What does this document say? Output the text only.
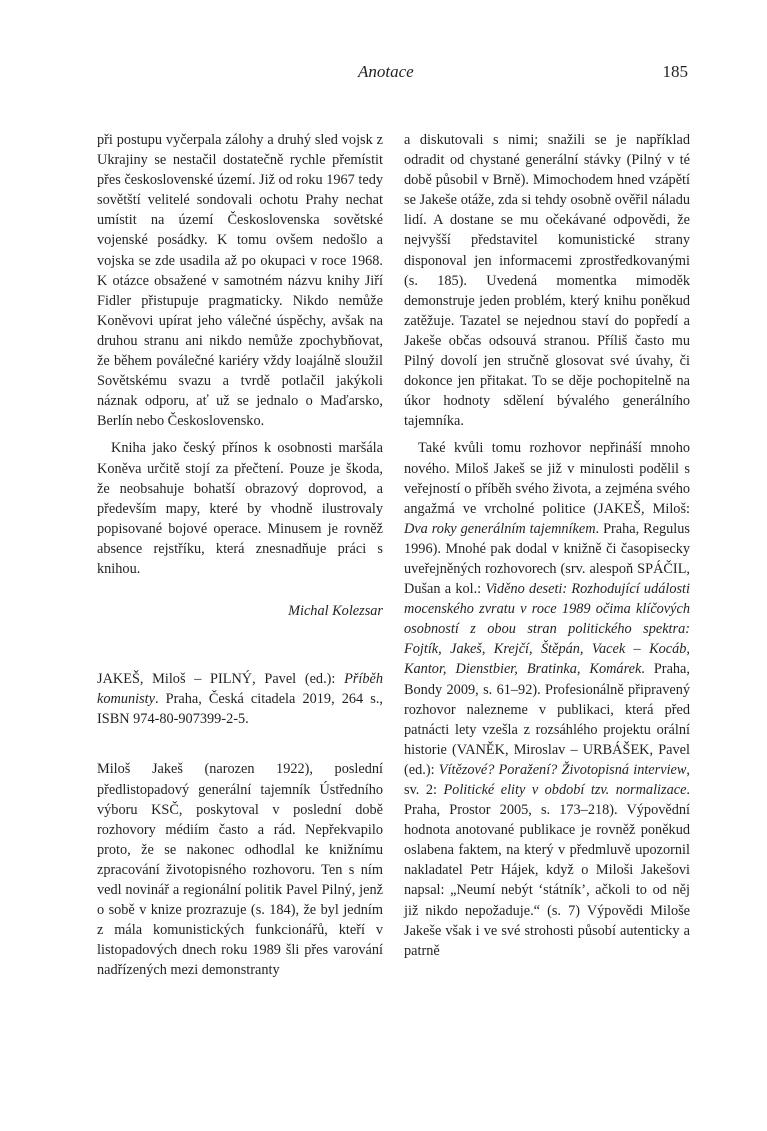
Anotace	185

při postupu vyčerpala zálohy a druhý sled vojsk z Ukrajiny se nestačil dostatečně rychle přemístit přes československé území. Již od roku 1967 tedy sovětští velitelé sondovali ochotu Prahy nechat umístit na území Československa sovětské vojenské posádky. K tomu ovšem nedošlo a vojska se zde usadila až po okupaci v roce 1968. K otázce obsažené v samotném názvu knihy Jiří Fidler přistupuje pragmaticky. Nikdo nemůže Koněvovi upírat jeho válečné úspěchy, avšak na druhou stranu ani nikdo nemůže zpochybňovat, že během poválečné kariéry vždy loajálně sloužil Sovětskému svazu a tvrdě potlačil jakýkoli náznak odporu, ať už se jednalo o Maďarsko, Berlín nebo Československo.

Kniha jako český přínos k osobnosti maršála Koněva určitě stojí za přečtení. Pouze je škoda, že neobsahuje bohatší obrazový doprovod, a především mapy, které by vhodně ilustrovaly popisované bojové operace. Minusem je rovněž absence rejstříku, která znesnadňuje práci s knihou.

Michal Kolezsar

JAKEŠ, Miloš – PILNÝ, Pavel (ed.): Příběh komunisty. Praha, Česká citadela 2019, 264 s., ISBN 974-80-907399-2-5.

Miloš Jakeš (narozen 1922), poslední předlistopadový generální tajemník Ústředního výboru KSČ, poskytoval v poslední době rozhovory médiím často a rád. Nepřekvapilo proto, že se nakonec odhodlal ke knižnímu zpracování životopisného rozhovoru. Ten s ním vedl novinář a regionální politik Pavel Pilný, jenž o sobě v knize prozrazuje (s. 184), že byl jedním z mála komunistických funkcionářů, kteří v listopadových dnech roku 1989 šli přes varování nadřízených mezi demonstranty

a diskutovali s nimi; snažili se je například odradit od chystané generální stávky (Pilný v té době působil v Brně). Mimochodem hned vzápětí se Jakeše otáže, zda si tehdy osobně ověřil náladu lidí. A dostane se mu očekávané odpovědi, že nejvyšší představitel komunistické strany disponoval jen informacemi zprostředkovanými (s. 185). Uvedená momentka mimoděk demonstruje jeden problém, který knihu poněkud zatěžuje. Tazatel se nejednou staví do popředí a Jakeše občas odsouvá stranou. Příliš často mu Pilný dovolí jen stručně glosovat své úvahy, či dokonce jen přitakat. To se děje pochopitelně na úkor hodnoty sdělení bývalého generálního tajemníka.

Také kvůli tomu rozhovor nepřináší mnoho nového. Miloš Jakeš se již v minulosti podělil s veřejností o příběh svého života, a zejména svého angažmá ve vrcholné politice (JAKEŠ, Miloš: Dva roky generálním tajemníkem. Praha, Regulus 1996). Mnohé pak dodal v knižně či časopisecky uveřejněných rozhovorech (srv. alespoň SPÁČIL, Dušan a kol.: Viděno deseti: Rozhodující události mocenského zvratu v roce 1989 očima klíčových osobností z obou stran politického spektra: Fojtík, Jakeš, Krejčí, Štěpán, Vacek – Kocáb, Kantor, Dienstbier, Bratinka, Komárek. Praha, Bondy 2009, s. 61–92). Profesionálně připravený rozhovor nalezneme v publikaci, která před patnácti lety vzešla z rozsáhlého projektu orální historie (VANĚK, Miroslav – URBÁŠEK, Pavel (ed.): Vítězové? Poražení? Životopisná interview, sv. 2: Politické elity v období tzv. normalizace. Praha, Prostor 2005, s. 173–218). Výpovědní hodnota anotované publikace je rovněž poněkud oslabena faktem, na který v předmluvě upozornil nakladatel Petr Hájek, když o Miloši Jakešovi napsal: „Neumí nebýt ‘státník’, ačkoli to od něj již nikdo nepožaduje.“ (s. 7) Výpovědi Miloše Jakeše však i ve své strohosti působí autenticky a patrně
